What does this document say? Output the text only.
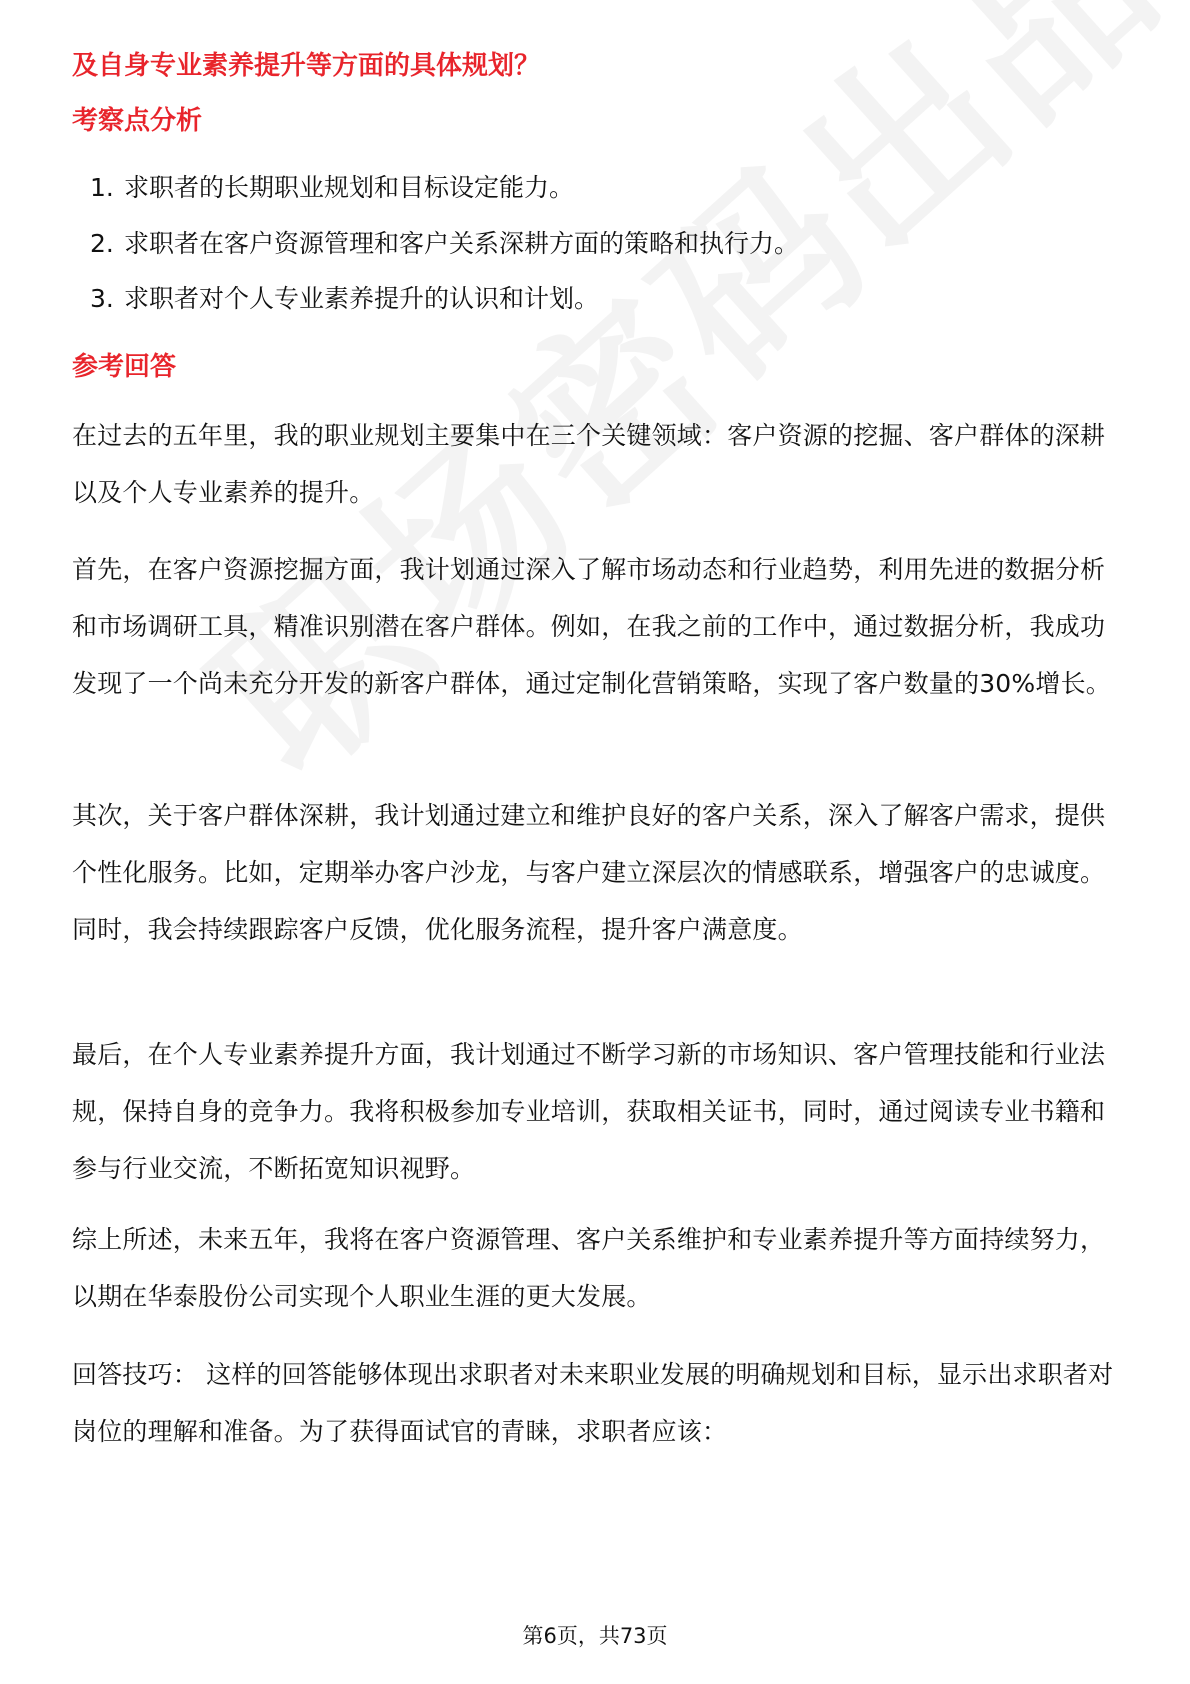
及自身专业素养提升等方面的具体规划？
考察点分析
1. 求职者的长期职业规划和目标设定能力。
2. 求职者在客户资源管理和客户关系深耕方面的策略和执行力。
3. 求职者对个人专业素养提升的认识和计划。
参考回答

在过去的五年里，我的职业规划主要集中在三个关键领域：客户资源的挖掘、客户群体的深耕以及个人专业素养的提升。

首先，在客户资源挖掘方面，我计划通过深入了解市场动态和行业趋势，利用先进的数据分析和市场调研工具，精准识别潜在客户群体。例如，在我之前的工作中，通过数据分析，我成功发现了一个尚未充分开发的新客户群体，通过定制化营销策略，实现了客户数量的30%增长。

其次，关于客户群体深耕，我计划通过建立和维护良好的客户关系，深入了解客户需求，提供个性化服务。比如，定期举办客户沙龙，与客户建立深层次的情感联系，增强客户的忠诚度。同时，我会持续跟踪客户反馈，优化服务流程，提升客户满意度。

最后，在个人专业素养提升方面，我计划通过不断学习新的市场知识、客户管理技能和行业法规，保持自身的竞争力。我将积极参加专业培训，获取相关证书，同时，通过阅读专业书籍和参与行业交流，不断拓宽知识视野。

综上所述，未来五年，我将在客户资源管理、客户关系维护和专业素养提升等方面持续努力，以期在华泰股份公司实现个人职业生涯的更大发展。

回答技巧： 这样的回答能够体现出求职者对未来职业发展的明确规划和目标，显示出求职者对岗位的理解和准备。为了获得面试官的青睐，求职者应该：

第6页，共73页
